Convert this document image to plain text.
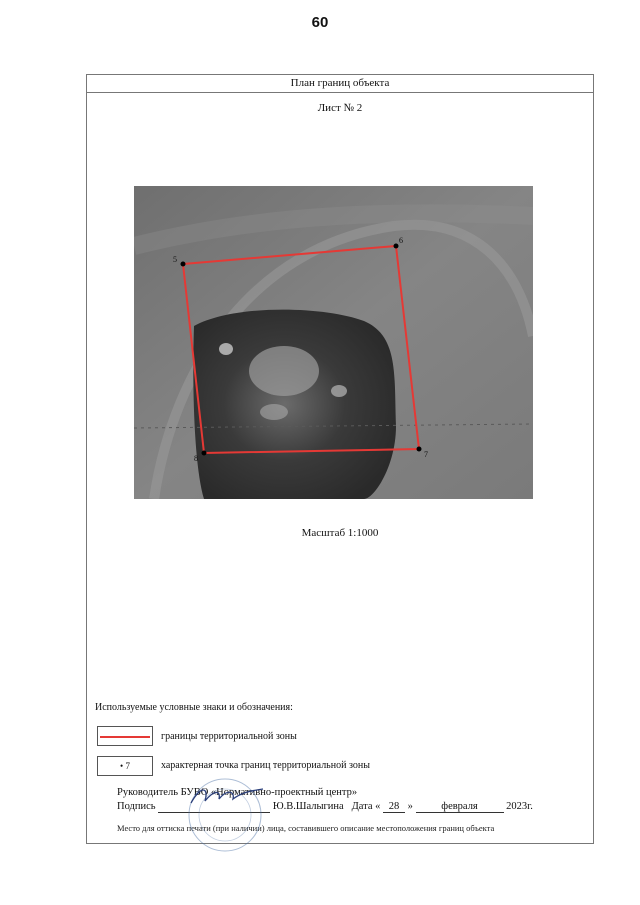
60
План границ объекта
Лист № 2
5
6
7
8
Масштаб 1:1000
Используемые условные знаки и обозначения:
границы территориальной зоны
• 7	характерная точка границ территориальной зоны
Руководитель БУВО «Нормативно-проектный центр»
Подпись	Ю.В.Шалыгина Дата « 28 »	февраля	2023г.
Место для оттиска печати (при наличии) лица, составившего описание местоположения границ объекта
